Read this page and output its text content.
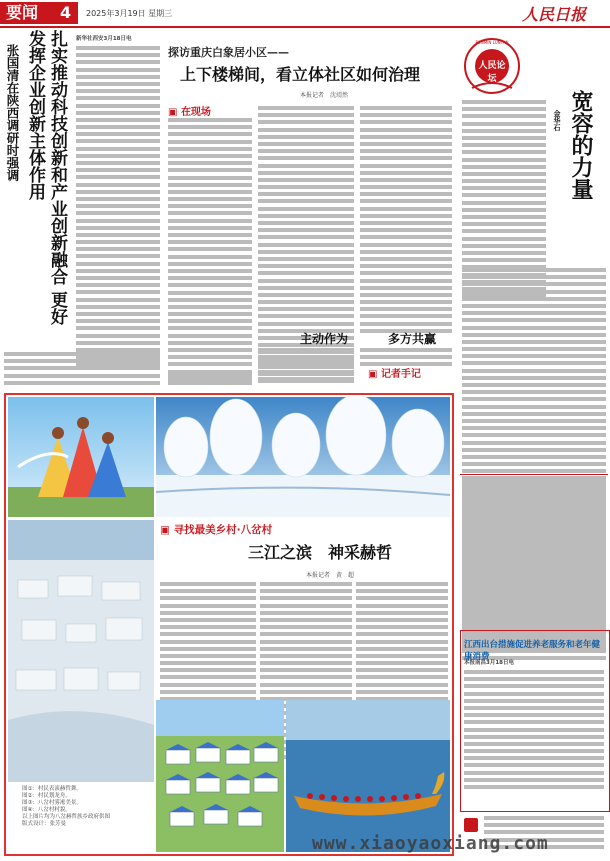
要闻	4 2025年3月19日 星期三	人民日报
张国清在陕西调研时强调	扎实推动科技创新和产业创新融合 更好发挥企业创新主体作用	新华社西安3月18日电
探访重庆白象居小区——
上下楼梯间，看立体社区如何治理
本报记者　沈靖然
▣ 在现场
主动作为	多方共赢
▣ 记者手记
人民论坛
RENMIN LUNTAN
宽容的力量
金华石
江西出台措施促进养老服务和老年健康消费
本报南昌3月18日电
▣ 寻找最美乡村·八岔村
三江之滨　神采赫哲
本报记者　黄　超
图①：村民表演赫哲舞。
图②：村民划龙舟。
图③：八岔村雾凇美景。
图④：八岔村村貌。
以上图片均为八岔赫哲族乡政府供图
版式设计：张芳曼
www.xiaoyaoxiang.com
